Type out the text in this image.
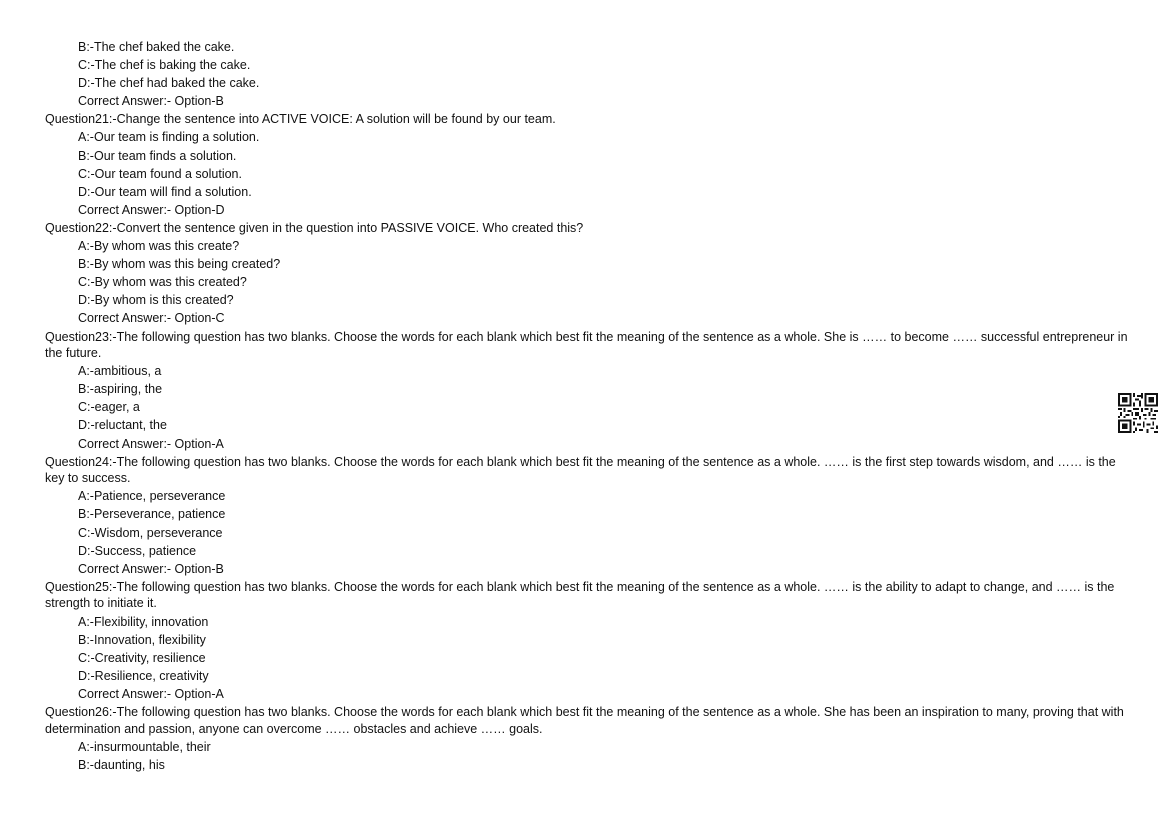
B:-The chef baked the cake.
C:-The chef is baking the cake.
D:-The chef had baked the cake.
Correct Answer:- Option-B
Question21:-Change the sentence into ACTIVE VOICE: A solution will be found by our team.
A:-Our team is finding a solution.
B:-Our team finds a solution.
C:-Our team found a solution.
D:-Our team will find a solution.
Correct Answer:- Option-D
Question22:-Convert the sentence given in the question into PASSIVE VOICE. Who created this?
A:-By whom was this create?
B:-By whom was this being created?
C:-By whom was this created?
D:-By whom is this created?
Correct Answer:- Option-C
Question23:-The following question has two blanks. Choose the words for each blank which best fit the meaning of the sentence as a whole. She is …… to become …… successful entrepreneur in the future.
A:-ambitious, a
B:-aspiring, the
C:-eager, a
D:-reluctant, the
Correct Answer:- Option-A
Question24:-The following question has two blanks. Choose the words for each blank which best fit the meaning of the sentence as a whole. …… is the first step towards wisdom, and …… is the key to success.
A:-Patience, perseverance
B:-Perseverance, patience
C:-Wisdom, perseverance
D:-Success, patience
Correct Answer:- Option-B
Question25:-The following question has two blanks. Choose the words for each blank which best fit the meaning of the sentence as a whole. …… is the ability to adapt to change, and …… is the strength to initiate it.
A:-Flexibility, innovation
B:-Innovation, flexibility
C:-Creativity, resilience
D:-Resilience, creativity
Correct Answer:- Option-A
Question26:-The following question has two blanks. Choose the words for each blank which best fit the meaning of the sentence as a whole. She has been an inspiration to many, proving that with determination and passion, anyone can overcome …… obstacles and achieve …… goals.
A:-insurmountable, their
B:-daunting, his
